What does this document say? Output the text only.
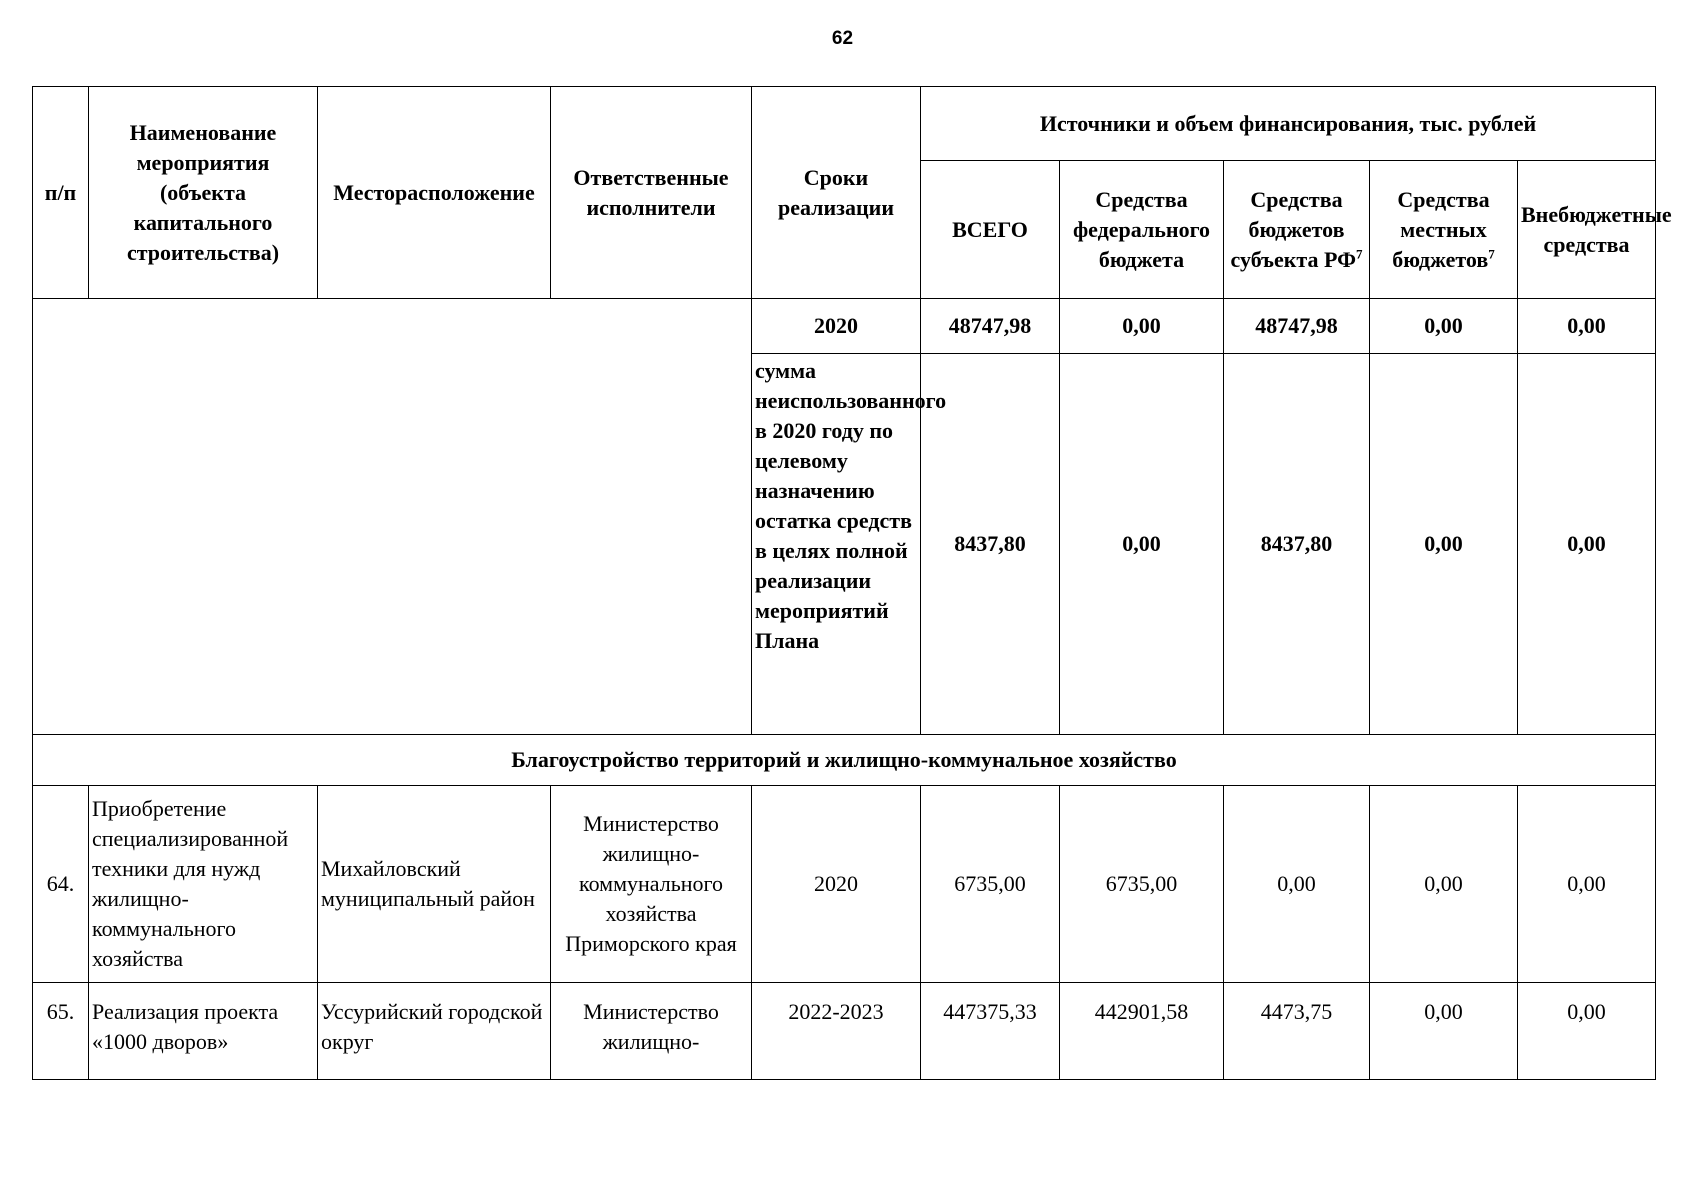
62
п/п	Наименование мероприятия (объекта капитального строительства)	Месторасположение	Ответственные исполнители	Сроки реализации	Источники и объем финансирования, тыс. рублей				
					ВСЕГО	Средства федерального бюджета	Средства бюджетов субъекта $РФ^7$	Средства местных бюджетов$^7$	Внебюджетные средства
				2020	48747,98	0,00	48747,98	0,00	0,00
				сумма неиспользованного в 2020 году по целевому назначению остатка средств в целях полной реализации мероприятий Плана	8437,80	0,00	8437,80	0,00	0,00
Благоустройство территорий и жилищно-коммунальное хозяйство									
64.	Приобретение специализированной техники для нужд жилищно-коммунального хозяйства	Михайловский муниципальный район	Министерство жилищно-коммунального хозяйства Приморского края	2020	6735,00	6735,00	0,00	0,00	0,00
65.	Реализация проекта «1000 дворов»	Уссурийский городской округ	Министерство жилищно-	2022-2023	447375,33	442901,58	4473,75	0,00	0,00
